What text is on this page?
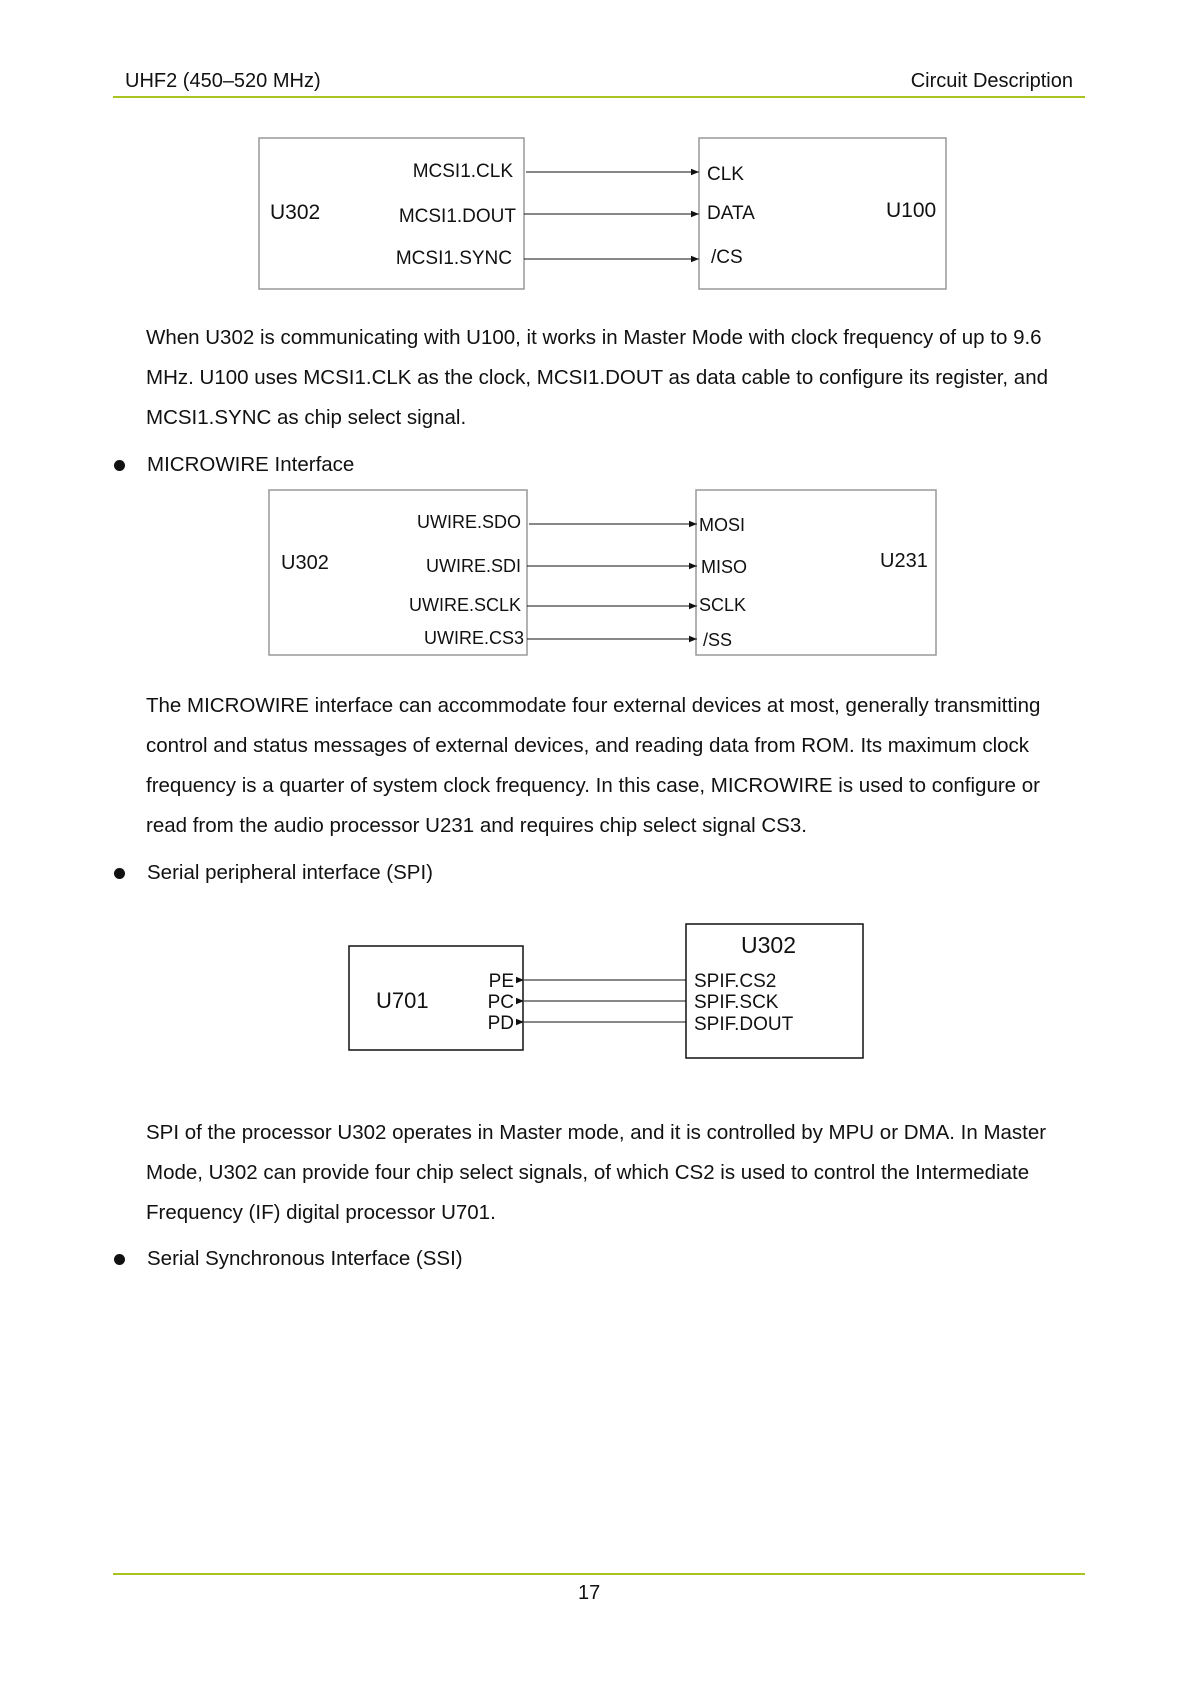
UHF2 (450–520 MHz)	Circuit Description
U302	U100
MCSI1.CLK
MCSI1.DOUT
MCSI1.SYNC
CLK
DATA
/CS
U302	U231
UWIRE.SDO
UWIRE.SDI
UWIRE.SCLK
UWIRE.CS3
MOSI
MISO
SCLK
/SS
U701
U302
PE
PC
PD
SPIF.CS2
SPIF.SCK
SPIF.DOUT
When U302 is communicating with U100, it works in Master Mode with clock frequency of up to 9.6
MHz. U100 uses MCSI1.CLK as the clock, MCSI1.DOUT as data cable to configure its register, and
MCSI1.SYNC as chip select signal.
MICROWIRE Interface
The MICROWIRE interface can accommodate four external devices at most, generally transmitting
control and status messages of external devices, and reading data from ROM. Its maximum clock
frequency is a quarter of system clock frequency. In this case, MICROWIRE is used to configure or
read from the audio processor U231 and requires chip select signal CS3.
Serial peripheral interface (SPI)
SPI of the processor U302 operates in Master mode, and it is controlled by MPU or DMA. In Master
Mode, U302 can provide four chip select signals, of which CS2 is used to control the Intermediate
Frequency (IF) digital processor U701.
Serial Synchronous Interface (SSI)
17
